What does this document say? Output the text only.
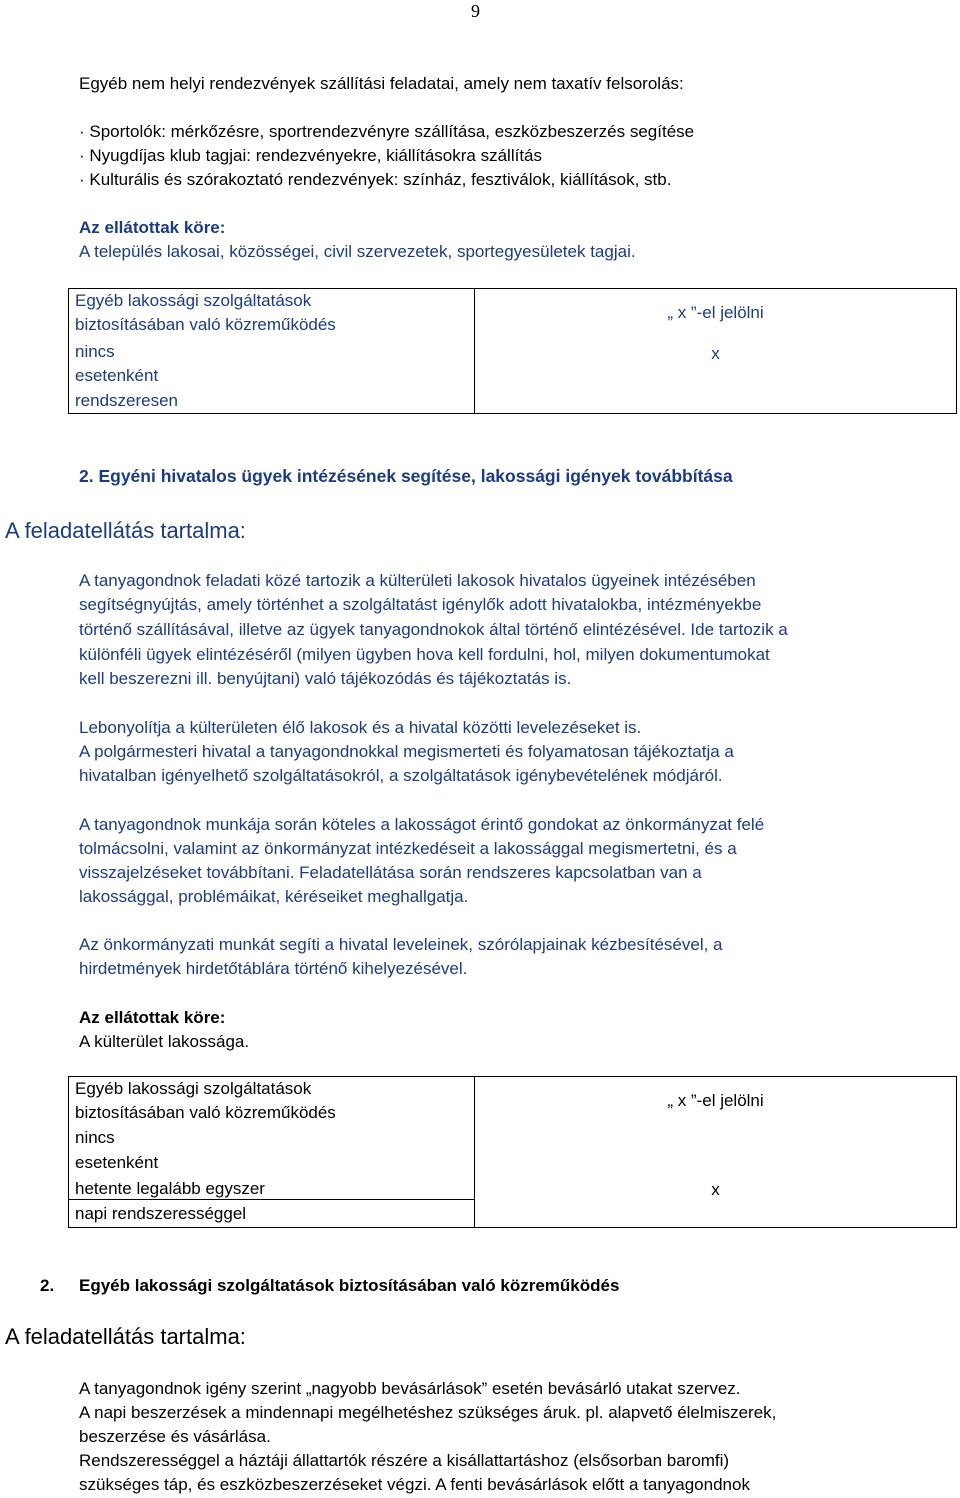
9
Egyéb nem helyi rendezvények szállítási feladatai, amely nem taxatív felsorolás:
· Sportolók: mérkőzésre, sportrendezvényre szállítása, eszközbeszerzés segítése
· Nyugdíjas klub tagjai: rendezvényekre, kiállításokra szállítás
· Kulturális és szórakoztató rendezvények: színház, fesztiválok, kiállítások, stb.
Az ellátottak köre:
A település lakosai, közösségei, civil szervezetek, sportegyesületek tagjai.
Egyéb lakossági szolgáltatások
biztosításában való közreműködés
nincs
esetenként
rendszeresen
„ x ”-el jelölni
x
2. Egyéni hivatalos ügyek intézésének segítése, lakossági igények továbbítása
A feladatellátás tartalma:
A tanyagondnok feladati közé tartozik a külterületi lakosok hivatalos ügyeinek intézésében
segítségnyújtás, amely történhet a szolgáltatást igénylők adott hivatalokba, intézményekbe
történő szállításával, illetve az ügyek tanyagondnokok által történő elintézésével. Ide tartozik a
különféli ügyek elintézéséről (milyen ügyben hova kell fordulni, hol, milyen dokumentumokat
kell beszerezni ill. benyújtani) való tájékozódás és tájékoztatás is.
Lebonyolítja a külterületen élő lakosok és a hivatal közötti levelezéseket is.
A polgármesteri hivatal a tanyagondnokkal megismerteti és folyamatosan tájékoztatja a
hivatalban igényelhető szolgáltatásokról, a szolgáltatások igénybevételének módjáról.
A tanyagondnok munkája során köteles a lakosságot érintő gondokat az önkormányzat felé
tolmácsolni, valamint az önkormányzat intézkedéseit a lakossággal megismertetni, és a
visszajelzéseket továbbítani. Feladatellátása során rendszeres kapcsolatban van a
lakossággal, problémáikat, kéréseiket meghallgatja.
Az önkormányzati munkát segíti a hivatal leveleinek, szórólapjainak kézbesítésével, a
hirdetmények hirdetőtáblára történő kihelyezésével.
Az ellátottak köre:
A külterület lakossága.
Egyéb lakossági szolgáltatások
biztosításában való közreműködés
nincs
esetenként
hetente legalább egyszer
napi rendszerességgel
„ x ”-el jelölni
x
2. Egyéb lakossági szolgáltatások biztosításában való közreműködés
A feladatellátás tartalma:
A tanyagondnok igény szerint „nagyobb bevásárlások” esetén bevásárló utakat szervez.
A napi beszerzések a mindennapi megélhetéshez szükséges áruk. pl. alapvető élelmiszerek,
beszerzése és vásárlása.
Rendszerességgel a háztáji állattartók részére a kisállattartáshoz (elsősorban baromfi)
szükséges táp, és eszközbeszerzéseket végzi. A fenti bevásárlások előtt a tanyagondnok
